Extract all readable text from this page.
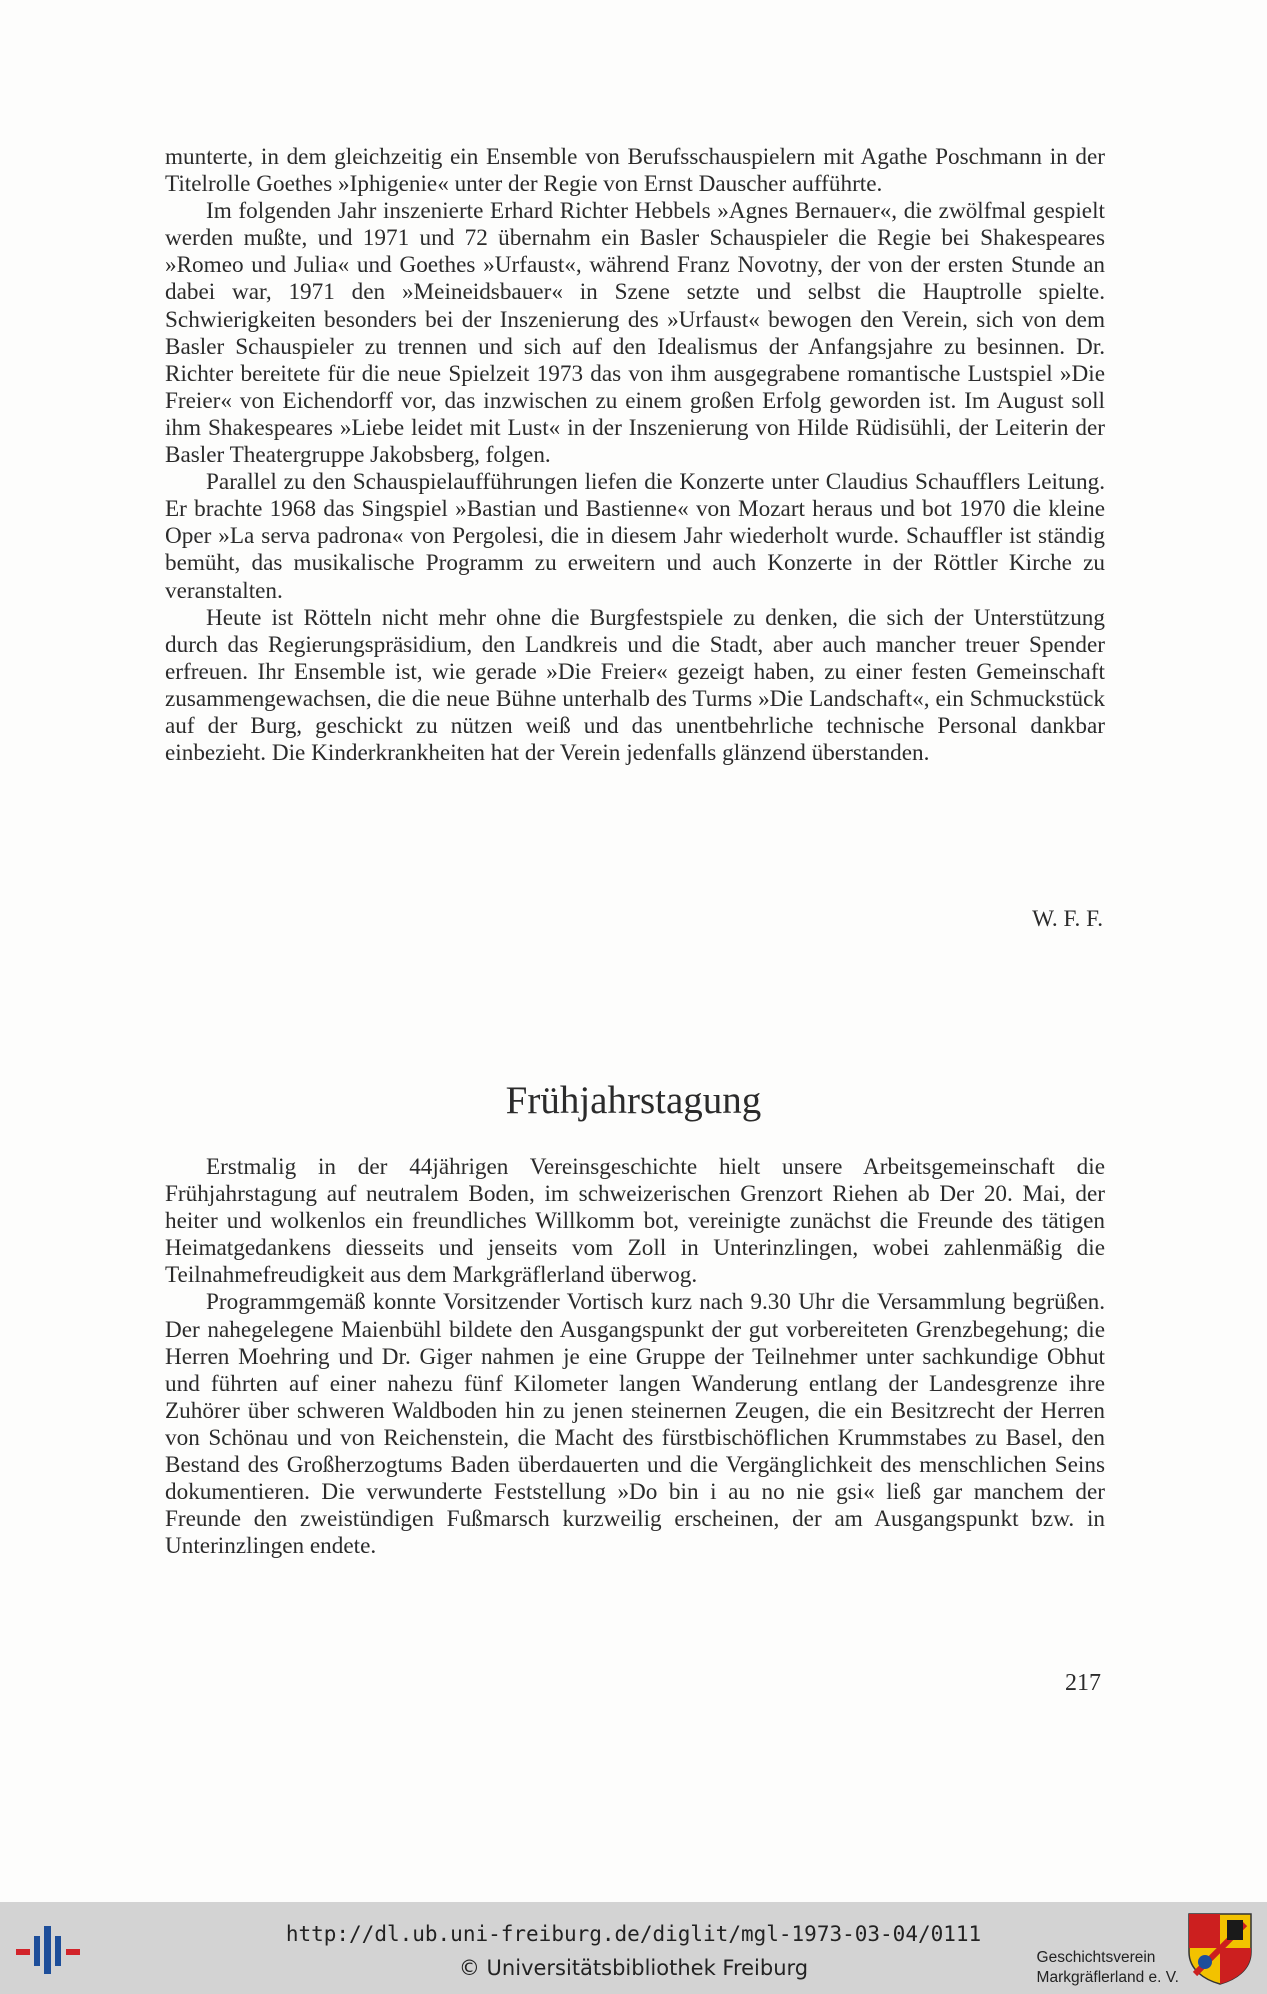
munterte, in dem gleichzeitig ein Ensemble von Berufsschauspielern mit Agathe Poschmann in der Titelrolle Goethes »Iphigenie« unter der Regie von Ernst Dauscher aufführte.

Im folgenden Jahr inszenierte Erhard Richter Hebbels »Agnes Bernauer«, die zwölfmal gespielt werden mußte, und 1971 und 72 übernahm ein Basler Schauspieler die Regie bei Shakespeares »Romeo und Julia« und Goethes »Urfaust«, während Franz Novotny, der von der ersten Stunde an dabei war, 1971 den »Meineidsbauer« in Szene setzte und selbst die Hauptrolle spielte. Schwierigkeiten besonders bei der Inszenierung des »Urfaust« bewogen den Verein, sich von dem Basler Schauspieler zu trennen und sich auf den Idealismus der Anfangsjahre zu besinnen. Dr. Richter bereitete für die neue Spielzeit 1973 das von ihm ausgegrabene romantische Lustspiel »Die Freier« von Eichendorff vor, das inzwischen zu einem großen Erfolg geworden ist. Im August soll ihm Shakespeares »Liebe leidet mit Lust« in der Inszenierung von Hilde Rüdisühli, der Leiterin der Basler Theatergruppe Jakobsberg, folgen.

Parallel zu den Schauspielaufführungen liefen die Konzerte unter Claudius Schaufflers Leitung. Er brachte 1968 das Singspiel »Bastian und Bastienne« von Mozart heraus und bot 1970 die kleine Oper »La serva padrona« von Pergolesi, die in diesem Jahr wiederholt wurde. Schauffler ist ständig bemüht, das musikalische Programm zu erweitern und auch Konzerte in der Röttler Kirche zu veranstalten.

Heute ist Rötteln nicht mehr ohne die Burgfestspiele zu denken, die sich der Unterstützung durch das Regierungspräsidium, den Landkreis und die Stadt, aber auch mancher treuer Spender erfreuen. Ihr Ensemble ist, wie gerade »Die Freier« gezeigt haben, zu einer festen Gemeinschaft zusammengewachsen, die die neue Bühne unterhalb des Turms »Die Landschaft«, ein Schmuckstück auf der Burg, geschickt zu nützen weiß und das unentbehrliche technische Personal dankbar einbezieht. Die Kinderkrankheiten hat der Verein jedenfalls glänzend überstanden.

W. F. F.
Frühjahrstagung

Erstmalig in der 44jährigen Vereinsgeschichte hielt unsere Arbeitsgemeinschaft die Frühjahrstagung auf neutralem Boden, im schweizerischen Grenzort Riehen ab Der 20. Mai, der heiter und wolkenlos ein freundliches Willkomm bot, vereinigte zunächst die Freunde des tätigen Heimatgedankens diesseits und jenseits vom Zoll in Unterinzlingen, wobei zahlenmäßig die Teilnahmefreudigkeit aus dem Markgräflerland überwog.

Programmgemäß konnte Vorsitzender Vortisch kurz nach 9.30 Uhr die Versammlung begrüßen. Der nahegelegene Maienbühl bildete den Ausgangspunkt der gut vorbereiteten Grenzbegehung; die Herren Moehring und Dr. Giger nahmen je eine Gruppe der Teilnehmer unter sachkundige Obhut und führten auf einer nahezu fünf Kilometer langen Wanderung entlang der Landesgrenze ihre Zuhörer über schweren Waldboden hin zu jenen steinernen Zeugen, die ein Besitzrecht der Herren von Schönau und von Reichenstein, die Macht des fürstbischöflichen Krummstabes zu Basel, den Bestand des Großherzogtums Baden überdauerten und die Vergänglichkeit des menschlichen Seins dokumentieren. Die verwunderte Feststellung »Do bin i au no nie gsi« ließ gar manchem der Freunde den zweistündigen Fußmarsch kurzweilig erscheinen, der am Ausgangspunkt bzw. in Unterinzlingen endete.

217
http://dl.ub.uni-freiburg.de/diglit/mgl-1973-03-04/0111
© Universitätsbibliothek Freiburg	Geschichtsverein
Markgräflerland e. V.
